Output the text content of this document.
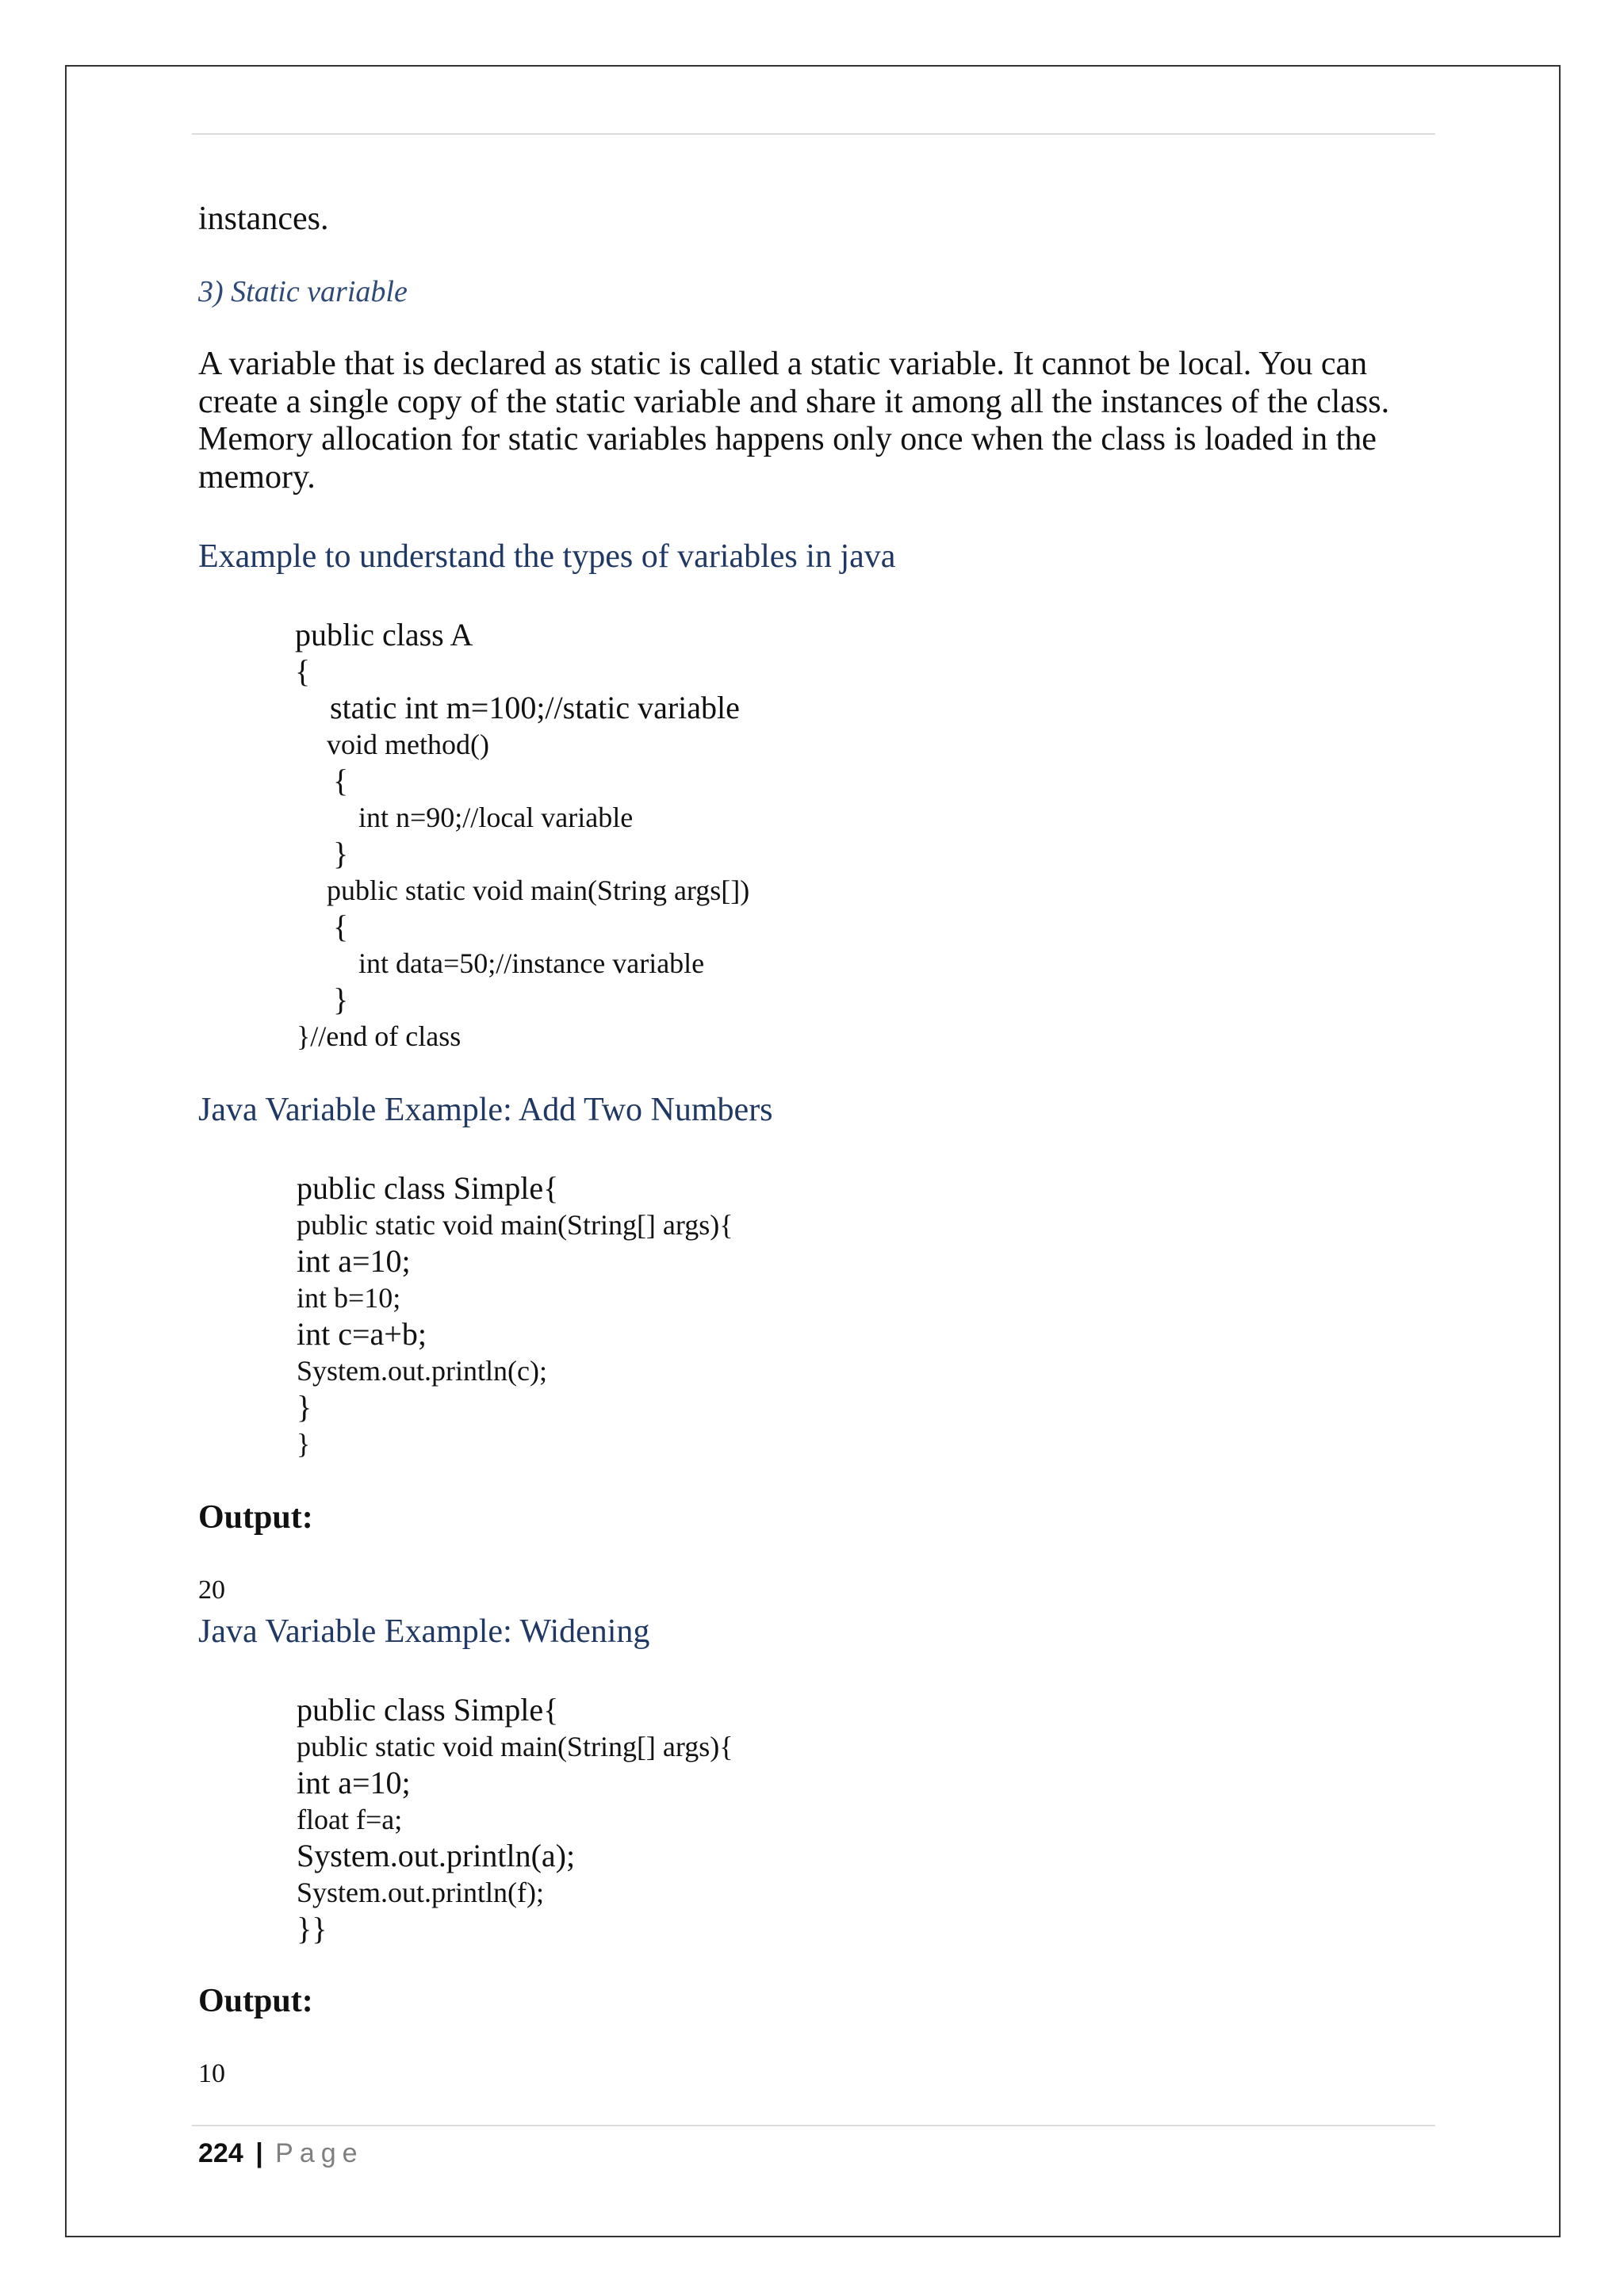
instances.

3) Static variable

A variable that is declared as static is called a static variable. It cannot be local. You can
create a single copy of the static variable and share it among all the instances of the class.
Memory allocation for static variables happens only once when the class is loaded in the
memory.

Example to understand the types of variables in java

public class A
{
static int m=100;//static variable
void method()
{
int n=90;//local variable
}
public static void main(String args[])
{
int data=50;//instance variable
}
}//end of class

Java Variable Example: Add Two Numbers

public class Simple{
public static void main(String[] args){
int a=10;
int b=10;
int c=a+b;
System.out.println(c);
}
}

Output:

20

Java Variable Example: Widening

public class Simple{
public static void main(String[] args){
int a=10;
float f=a;
System.out.println(a);
System.out.println(f);
}}

Output:

10

224 | Page
